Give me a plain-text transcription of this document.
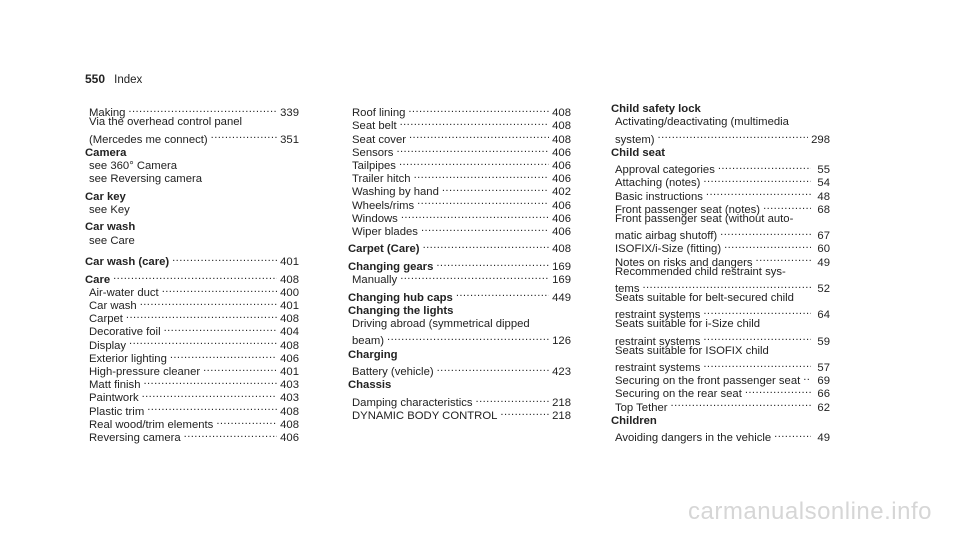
550 Index
Making .....	339
Via the overhead control panel
(Mercedes me connect) .....	351
Camera
see 360° Camera
see Reversing camera
Car key
see Key
Car wash
see Care
Car wash (care) .....	401
Care .....	408
Air-water duct .....	400
Car wash .....	401
Carpet .....	408
Decorative foil .....	404
Display .....	408
Exterior lighting .....	406
High-pressure cleaner .....	401
Matt finish .....	403
Paintwork .....	403
Plastic trim .....	408
Real wood/trim elements .....	408
Reversing camera .....	406
Roof lining .....	408
Seat belt .....	408
Seat cover .....	408
Sensors .....	406
Tailpipes .....	406
Trailer hitch .....	406
Washing by hand .....	402
Wheels/rims .....	406
Windows .....	406
Wiper blades .....	406
Carpet (Care) .....	408
Changing gears .....	169
Manually .....	169
Changing hub caps .....	449
Changing the lights
Driving abroad (symmetrical dipped
beam) .....	126
Charging
Battery (vehicle) .....	423
Chassis
Damping characteristics .....	218
DYNAMIC BODY CONTROL .....	218
Child safety lock
Activating/deactivating (multimedia
system) .....	298
Child seat
Approval categories .....	55
Attaching (notes) .....	54
Basic instructions .....	48
Front passenger seat (notes) .....	68
Front passenger seat (without auto-
matic airbag shutoff) .....	67
ISOFIX/i-Size (fitting) .....	60
Notes on risks and dangers .....	49
Recommended child restraint sys-
tems .....	52
Seats suitable for belt-secured child
restraint systems .....	64
Seats suitable for i-Size child
restraint systems .....	59
Seats suitable for ISOFIX child
restraint systems .....	57
Securing on the front passenger seat .....	69
Securing on the rear seat .....	66
Top Tether .....	62
Children
Avoiding dangers in the vehicle .....	49
carmanualsonline.info
